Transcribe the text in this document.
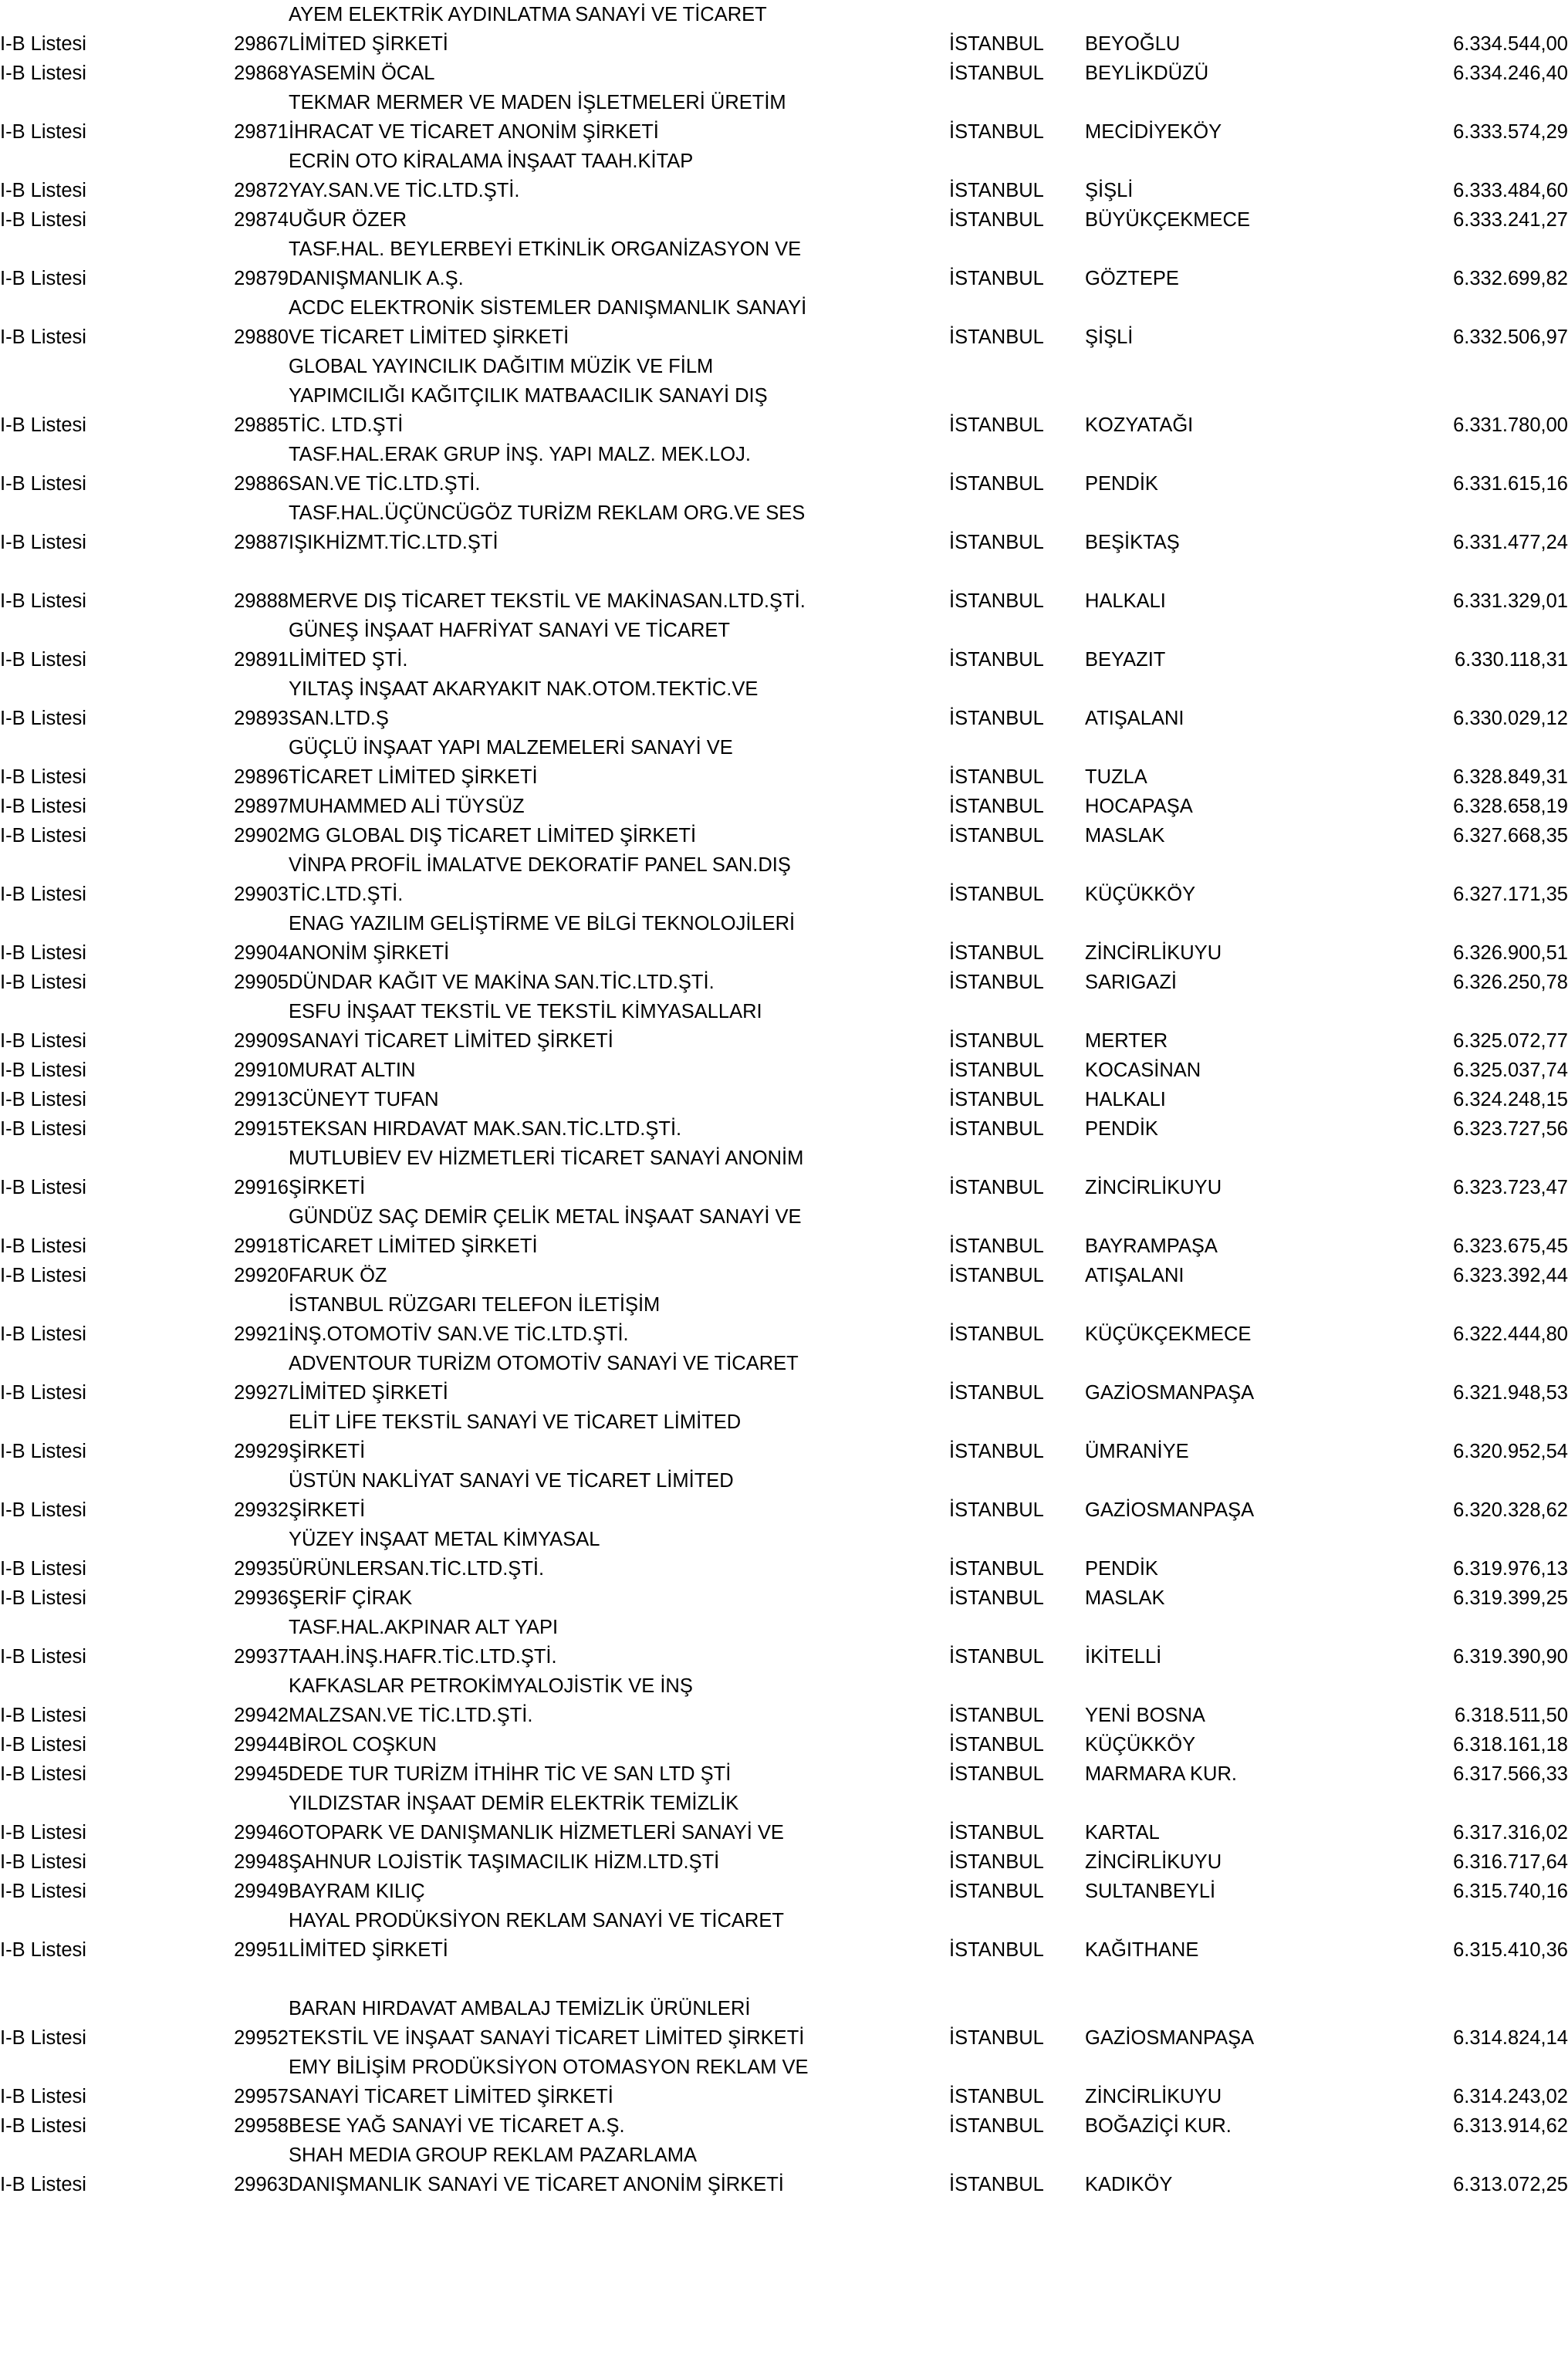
I-B Listesi	29867	AYEM ELEKTRİK AYDINLATMA SANAYİ VE TİCARET
LİMİTED ŞİRKETİ	İSTANBUL	BEYOĞLU	6.334.544,00
I-B Listesi	29868	YASEMİN ÖCAL	İSTANBUL	BEYLİKDÜZÜ	6.334.246,40
I-B Listesi	29871	TEKMAR MERMER VE MADEN İŞLETMELERİ ÜRETİM
İHRACAT VE TİCARET ANONİM ŞİRKETİ	İSTANBUL	MECİDİYEKÖY	6.333.574,29
I-B Listesi	29872	ECRİN OTO KİRALAMA İNŞAAT TAAH.KİTAP
YAY.SAN.VE TİC.LTD.ŞTİ.	İSTANBUL	ŞİŞLİ	6.333.484,60
I-B Listesi	29874	UĞUR ÖZER	İSTANBUL	BÜYÜKÇEKMECE	6.333.241,27
I-B Listesi	29879	TASF.HAL. BEYLERBEYİ ETKİNLİK ORGANİZASYON VE
DANIŞMANLIK A.Ş.	İSTANBUL	GÖZTEPE	6.332.699,82
I-B Listesi	29880	ACDC ELEKTRONİK SİSTEMLER DANIŞMANLIK SANAYİ
VE TİCARET LİMİTED ŞİRKETİ	İSTANBUL	ŞİŞLİ	6.332.506,97
I-B Listesi	29885	GLOBAL YAYINCILIK DAĞITIM MÜZİK VE FİLM
YAPIMCILIĞI KAĞITÇILIK MATBAACILIK SANAYİ DIŞ
TİC. LTD.ŞTİ	İSTANBUL	KOZYATAĞI	6.331.780,00
I-B Listesi	29886	TASF.HAL.ERAK GRUP İNŞ. YAPI MALZ. MEK.LOJ.
SAN.VE TİC.LTD.ŞTİ.	İSTANBUL	PENDİK	6.331.615,16
I-B Listesi	29887	TASF.HAL.ÜÇÜNCÜGÖZ TURİZM REKLAM ORG.VE SES
IŞIKHİZMT.TİC.LTD.ŞTİ	İSTANBUL	BEŞİKTAŞ	6.331.477,24

I-B Listesi	29888	MERVE DIŞ TİCARET TEKSTİL VE MAKİNASAN.LTD.ŞTİ.	İSTANBUL	HALKALI	6.331.329,01
I-B Listesi	29891	GÜNEŞ İNŞAAT HAFRİYAT SANAYİ VE TİCARET
LİMİTED ŞTİ.	İSTANBUL	BEYAZIT	6.330.118,31
I-B Listesi	29893	YILTAŞ İNŞAAT AKARYAKIT NAK.OTOM.TEKTİC.VE
SAN.LTD.Ş	İSTANBUL	ATIŞALANI	6.330.029,12
I-B Listesi	29896	GÜÇLÜ İNŞAAT YAPI MALZEMELERİ SANAYİ VE
TİCARET LİMİTED ŞİRKETİ	İSTANBUL	TUZLA	6.328.849,31
I-B Listesi	29897	MUHAMMED ALİ TÜYSÜZ	İSTANBUL	HOCAPAŞA	6.328.658,19
I-B Listesi	29902	MG GLOBAL DIŞ TİCARET LİMİTED ŞİRKETİ	İSTANBUL	MASLAK	6.327.668,35
I-B Listesi	29903	VİNPA PROFİL İMALATVE DEKORATİF PANEL SAN.DIŞ
TİC.LTD.ŞTİ.	İSTANBUL	KÜÇÜKKÖY	6.327.171,35
I-B Listesi	29904	ENAG YAZILIM GELİŞTİRME VE BİLGİ TEKNOLOJİLERİ
ANONİM ŞİRKETİ	İSTANBUL	ZİNCİRLİKUYU	6.326.900,51
I-B Listesi	29905	DÜNDAR KAĞIT VE MAKİNA SAN.TİC.LTD.ŞTİ.	İSTANBUL	SARIGAZİ	6.326.250,78
I-B Listesi	29909	ESFU İNŞAAT TEKSTİL VE TEKSTİL KİMYASALLARI
SANAYİ TİCARET LİMİTED ŞİRKETİ	İSTANBUL	MERTER	6.325.072,77
I-B Listesi	29910	MURAT ALTIN	İSTANBUL	KOCASİNAN	6.325.037,74
I-B Listesi	29913	CÜNEYT TUFAN	İSTANBUL	HALKALI	6.324.248,15
I-B Listesi	29915	TEKSAN HIRDAVAT MAK.SAN.TİC.LTD.ŞTİ.	İSTANBUL	PENDİK	6.323.727,56
I-B Listesi	29916	MUTLUBİEV EV HİZMETLERİ TİCARET SANAYİ ANONİM
ŞİRKETİ	İSTANBUL	ZİNCİRLİKUYU	6.323.723,47
I-B Listesi	29918	GÜNDÜZ SAÇ DEMİR ÇELİK METAL İNŞAAT SANAYİ VE
TİCARET LİMİTED ŞİRKETİ	İSTANBUL	BAYRAMPAŞA	6.323.675,45
I-B Listesi	29920	FARUK ÖZ	İSTANBUL	ATIŞALANI	6.323.392,44
I-B Listesi	29921	İSTANBUL RÜZGARI TELEFON İLETİŞİM
İNŞ.OTOMOTİV SAN.VE TİC.LTD.ŞTİ.	İSTANBUL	KÜÇÜKÇEKMECE	6.322.444,80
I-B Listesi	29927	ADVENTOUR TURİZM OTOMOTİV SANAYİ VE TİCARET
LİMİTED ŞİRKETİ	İSTANBUL	GAZİOSMANPAŞA	6.321.948,53
I-B Listesi	29929	ELİT LİFE TEKSTİL SANAYİ VE TİCARET LİMİTED
ŞİRKETİ	İSTANBUL	ÜMRANİYE	6.320.952,54
I-B Listesi	29932	ÜSTÜN NAKLİYAT SANAYİ VE TİCARET LİMİTED
ŞİRKETİ	İSTANBUL	GAZİOSMANPAŞA	6.320.328,62
I-B Listesi	29935	YÜZEY İNŞAAT METAL KİMYASAL
ÜRÜNLERSAN.TİC.LTD.ŞTİ.	İSTANBUL	PENDİK	6.319.976,13
I-B Listesi	29936	ŞERİF ÇİRAK	İSTANBUL	MASLAK	6.319.399,25
I-B Listesi	29937	TASF.HAL.AKPINAR ALT YAPI
TAAH.İNŞ.HAFR.TİC.LTD.ŞTİ.	İSTANBUL	İKİTELLİ	6.319.390,90
I-B Listesi	29942	KAFKASLAR PETROKİMYALOJİSTİK VE İNŞ
MALZSAN.VE TİC.LTD.ŞTİ.	İSTANBUL	YENİ BOSNA	6.318.511,50
I-B Listesi	29944	BİROL COŞKUN	İSTANBUL	KÜÇÜKKÖY	6.318.161,18
I-B Listesi	29945	DEDE TUR TURİZM İTHİHR TİC VE SAN LTD ŞTİ	İSTANBUL	MARMARA KUR.	6.317.566,33
I-B Listesi	29946	YILDIZSTAR İNŞAAT DEMİR ELEKTRİK TEMİZLİK
OTOPARK VE DANIŞMANLIK HİZMETLERİ SANAYİ VE	İSTANBUL	KARTAL	6.317.316,02
I-B Listesi	29948	ŞAHNUR LOJİSTİK TAŞIMACILIK HİZM.LTD.ŞTİ	İSTANBUL	ZİNCİRLİKUYU	6.316.717,64
I-B Listesi	29949	BAYRAM KILIÇ	İSTANBUL	SULTANBEYLİ	6.315.740,16
I-B Listesi	29951	HAYAL PRODÜKSİYON REKLAM SANAYİ VE TİCARET
LİMİTED ŞİRKETİ	İSTANBUL	KAĞITHANE	6.315.410,36

I-B Listesi	29952	BARAN HIRDAVAT AMBALAJ TEMİZLİK ÜRÜNLERİ
TEKSTİL VE İNŞAAT SANAYİ TİCARET LİMİTED ŞİRKETİ	İSTANBUL	GAZİOSMANPAŞA	6.314.824,14
I-B Listesi	29957	EMY BİLİŞİM PRODÜKSİYON OTOMASYON REKLAM VE
SANAYİ TİCARET LİMİTED ŞİRKETİ	İSTANBUL	ZİNCİRLİKUYU	6.314.243,02
I-B Listesi	29958	BESE YAĞ SANAYİ VE TİCARET A.Ş.	İSTANBUL	BOĞAZİÇİ KUR.	6.313.914,62
I-B Listesi	29963	SHAH MEDIA GROUP REKLAM PAZARLAMA
DANIŞMANLIK SANAYİ VE TİCARET ANONİM ŞİRKETİ	İSTANBUL	KADIKÖY	6.313.072,25
